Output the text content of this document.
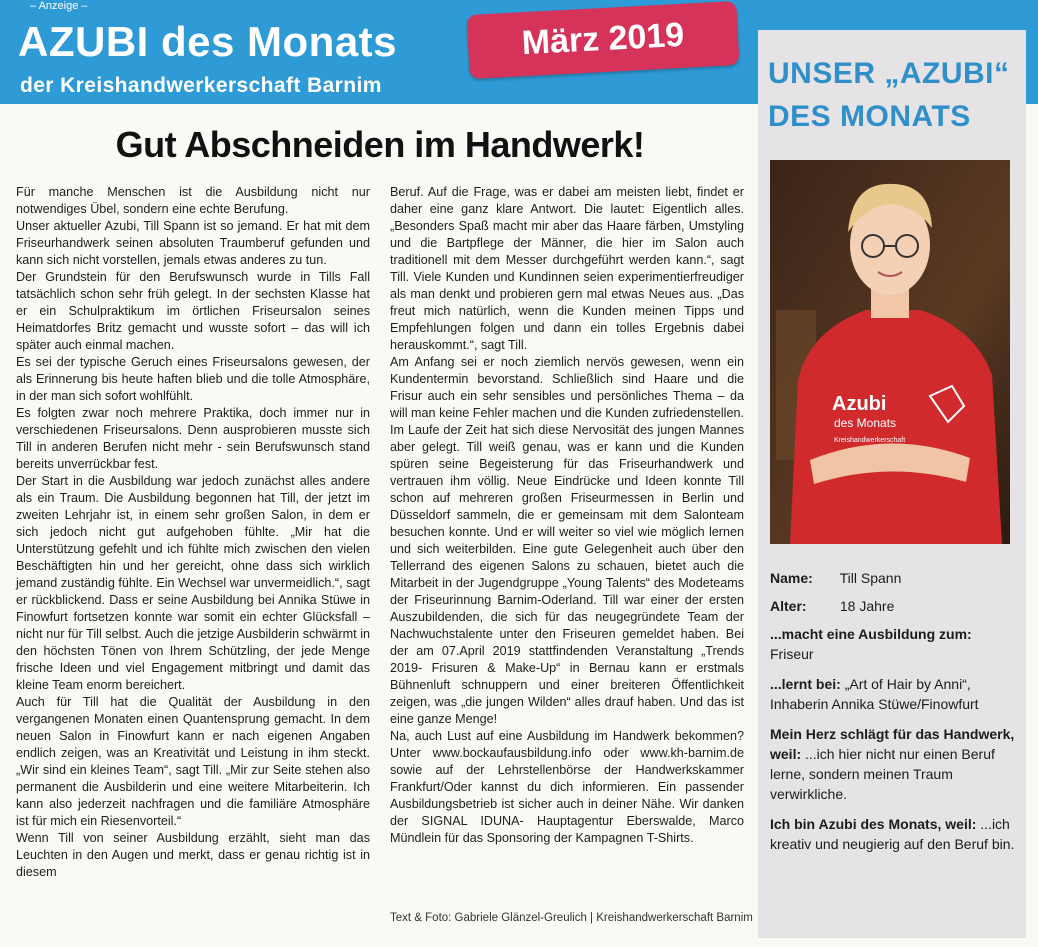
– Anzeige –
AZUBI des Monats
der Kreishandwerkerschaft Barnim
März 2019
Gut Abschneiden im Handwerk!

Für manche Menschen ist die Ausbildung nicht nur notwendiges Übel, sondern eine echte Berufung.

Unser aktueller Azubi, Till Spann ist so jemand. Er hat mit dem Friseurhandwerk seinen absoluten Traumberuf gefunden und kann sich nicht vorstellen, jemals etwas anderes zu tun.

Der Grundstein für den Berufswunsch wurde in Tills Fall tatsächlich schon sehr früh gelegt. In der sechsten Klasse hat er ein Schulpraktikum im örtlichen Friseursalon seines Heimatdorfes Britz gemacht und wusste sofort – das will ich später auch einmal machen.

Es sei der typische Geruch eines Friseursalons gewesen, der als Erinnerung bis heute haften blieb und die tolle Atmosphäre, in der man sich sofort wohlfühlt.

Es folgten zwar noch mehrere Praktika, doch immer nur in verschiedenen Friseursalons. Denn ausprobieren musste sich Till in anderen Berufen nicht mehr - sein Berufswunsch stand bereits unverrückbar fest.

Der Start in die Ausbildung war jedoch zunächst alles andere als ein Traum. Die Ausbildung begonnen hat Till, der jetzt im zweiten Lehrjahr ist, in einem sehr großen Salon, in dem er sich jedoch nicht gut aufgehoben fühlte. „Mir hat die Unterstützung gefehlt und ich fühlte mich zwischen den vielen Beschäftigten hin und her gereicht, ohne dass sich wirklich jemand zuständig fühlte. Ein Wechsel war unvermeidlich.“, sagt er rückblickend. Dass er seine Ausbildung bei Annika Stüwe in Finowfurt fortsetzen konnte war somit ein echter Glücksfall – nicht nur für Till selbst. Auch die jetzige Ausbilderin schwärmt in den höchsten Tönen von Ihrem Schützling, der jede Menge frische Ideen und viel Engagement mitbringt und damit das kleine Team enorm bereichert.

Auch für Till hat die Qualität der Ausbildung in den vergangenen Monaten einen Quantensprung gemacht. In dem neuen Salon in Finowfurt kann er nach eigenen Angaben endlich zeigen, was an Kreativität und Leistung in ihm steckt. „Wir sind ein kleines Team“, sagt Till. „Mir zur Seite stehen also permanent die Ausbilderin und eine weitere Mitarbeiterin. Ich kann also jederzeit nachfragen und die familiäre Atmosphäre ist für mich ein Riesenvorteil.“

Wenn Till von seiner Ausbildung erzählt, sieht man das Leuchten in den Augen und merkt, dass er genau richtig ist in diesem

Beruf. Auf die Frage, was er dabei am meisten liebt, findet er daher eine ganz klare Antwort. Die lautet: Eigentlich alles. „Besonders Spaß macht mir aber das Haare färben, Umstyling und die Bartpflege der Männer, die hier im Salon auch traditionell mit dem Messer durchgeführt werden kann.“, sagt Till. Viele Kunden und Kundinnen seien experimentierfreudiger als man denkt und probieren gern mal etwas Neues aus. „Das freut mich natürlich, wenn die Kunden meinen Tipps und Empfehlungen folgen und dann ein tolles Ergebnis dabei herauskommt.“, sagt Till.

Am Anfang sei er noch ziemlich nervös gewesen, wenn ein Kundentermin bevorstand. Schließlich sind Haare und die Frisur auch ein sehr sensibles und persönliches Thema – da will man keine Fehler machen und die Kunden zufriedenstellen. Im Laufe der Zeit hat sich diese Nervosität des jungen Mannes aber gelegt. Till weiß genau, was er kann und die Kunden spüren seine Begeisterung für das Friseurhandwerk und vertrauen ihm völlig. Neue Eindrücke und Ideen konnte Till schon auf mehreren großen Friseurmessen in Berlin und Düsseldorf sammeln, die er gemeinsam mit dem Salonteam besuchen konnte. Und er will weiter so viel wie möglich lernen und sich weiterbilden. Eine gute Gelegenheit auch über den Tellerrand des eigenen Salons zu schauen, bietet auch die Mitarbeit in der Jugendgruppe „Young Talents“ des Modeteams der Friseurinnung Barnim-Oderland. Till war einer der ersten Auszubildenden, die sich für das neugegründete Team der Nachwuchstalente unter den Friseuren gemeldet haben. Bei der am 07.April 2019 stattfindenden Veranstaltung „Trends 2019- Frisuren & Make-Up“ in Bernau kann er erstmals Bühnenluft schnuppern und einer breiteren Öffentlichkeit zeigen, was „die jungen Wilden“ alles drauf haben. Und das ist eine ganze Menge!

Na, auch Lust auf eine Ausbildung im Handwerk bekommen? Unter www.bockaufausbildung.info oder www.kh-barnim.de sowie auf der Lehrstellenbörse der Handwerkskammer Frankfurt/Oder kannst du dich informieren. Ein passender Ausbildungsbetrieb ist sicher auch in deiner Nähe. Wir danken der SIGNAL IDUNA- Hauptagentur Eberswalde, Marco Mündlein für das Sponsoring der Kampagnen T-Shirts.

Text & Foto: Gabriele Glänzel-Greulich | Kreishandwerkerschaft Barnim
UNSER „AZUBI“
DES MONATS
Azubi
des Monats
Kreishandwerkerschaft
Name: Till Spann
Alter: 18 Jahre
...macht eine Ausbildung zum:
Friseur
...lernt bei: „Art of Hair by Anni“, Inhaberin Annika Stüwe/Finowfurt
Mein Herz schlägt für das Handwerk, weil: ...ich hier nicht nur einen Beruf lerne, sondern meinen Traum verwirkliche.
Ich bin Azubi des Monats, weil: ...ich kreativ und neugierig auf den Beruf bin.
